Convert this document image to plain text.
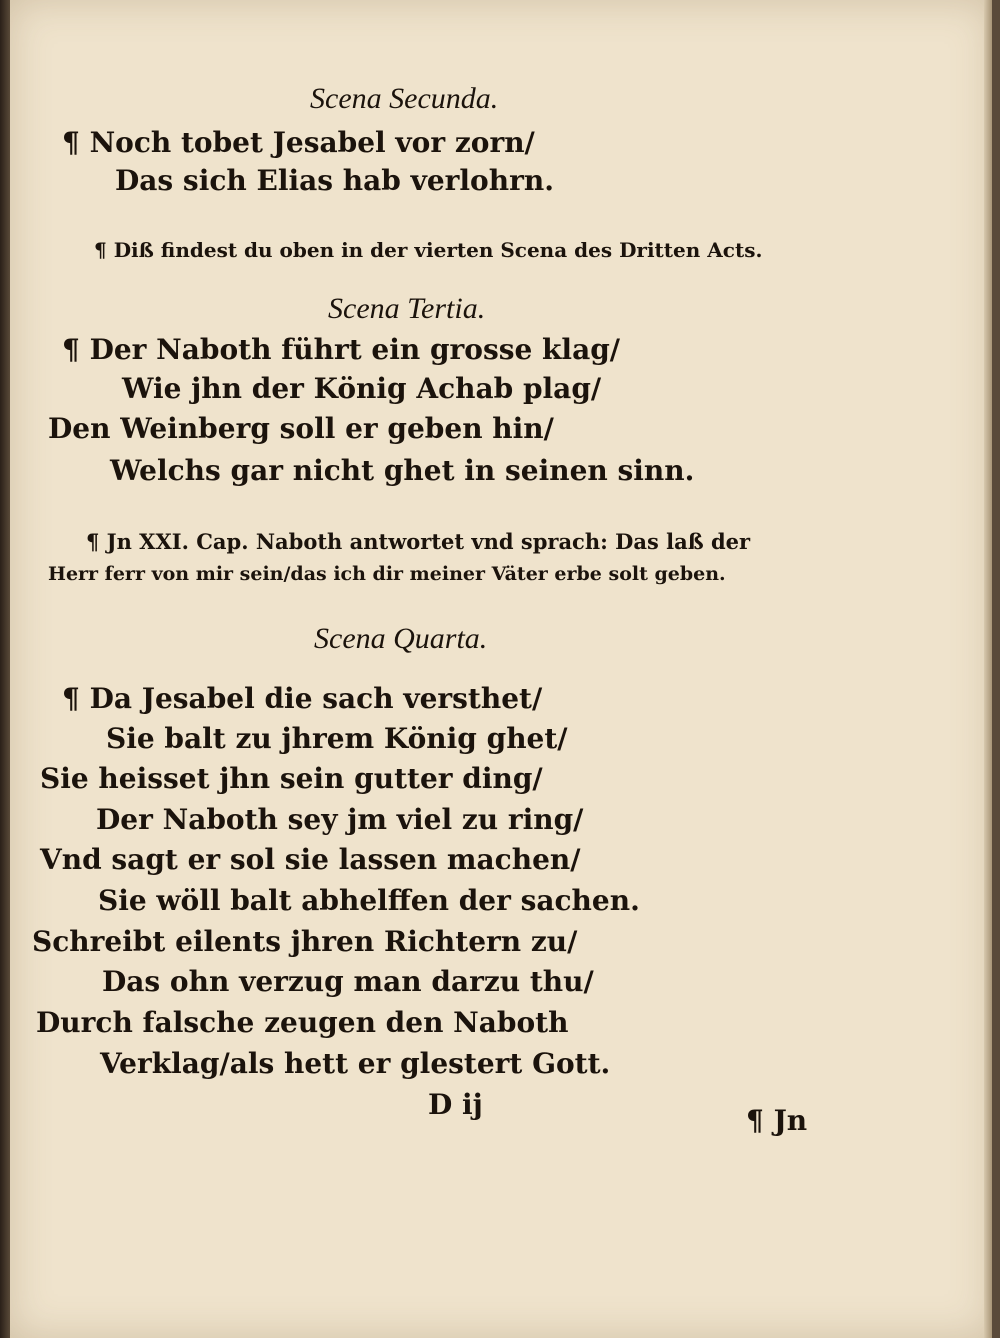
Scena Secunda.
¶ Noch tobet Jesabel vor zorn/
Das sich Elias hab verlohrn.
¶ Diß findest du oben in der vierten Scena des Dritten Acts.
Scena Tertia.
¶ Der Naboth führt ein grosse klag/
Wie jhn der König Achab plag/
Den Weinberg soll er geben hin/
Welchs gar nicht ghet in seinen sinn.
¶ Jn XXI. Cap. Naboth antwortet vnd sprach: Das laß der
Herr ferr von mir sein/das ich dir meiner Väter erbe solt geben.
Scena Quarta.
¶ Da Jesabel die sach versthet/
Sie balt zu jhrem König ghet/
Sie heisset jhn sein gutter ding/
Der Naboth sey jm viel zu ring/
Vnd sagt er sol sie lassen machen/
Sie wöll balt abhelffen der sachen.
Schreibt eilents jhren Richtern zu/
Das ohn verzug man darzu thu/
Durch falsche zeugen den Naboth
Verklag/als hett er glestert Gott.
D ij	¶ Jn
